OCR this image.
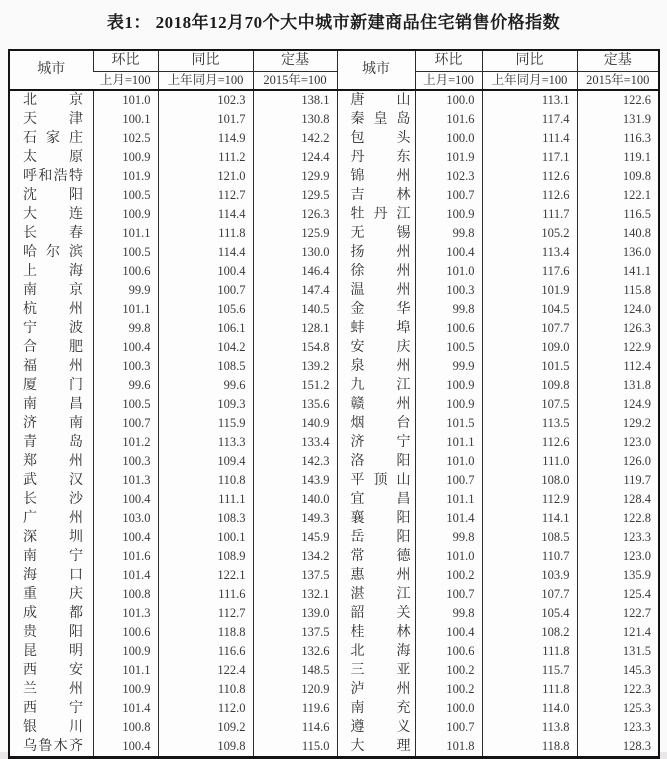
表1： 2018年12月70个大中城市新建商品住宅销售价格指数
城市	环比	同比	定基	城市	环比	同比	定基
	上月=100	上年同月=100	2015年=100		上月=100	上年同月=100	2015年=100

北 京	101.0	102.3	138.1	唐 山	100.0	113.1	122.6

天 津	100.1	101.7	130.8	秦 皇 岛	101.6	117.4	131.9

石 家 庄	102.5	114.9	142.2	包 头	100.0	111.4	116.3

太 原	100.9	111.2	124.4	丹 东	101.9	117.1	119.1

呼 和 浩 特	101.9	121.0	129.9	锦 州	102.3	112.6	109.8

沈 阳	100.5	112.7	129.5	吉 林	100.7	112.6	122.1

大 连	100.9	114.4	126.3	牡 丹 江	100.9	111.7	116.5

长 春	101.1	111.8	125.9	无 锡	99.8	105.2	140.8

哈 尔 滨	100.5	114.4	130.0	扬 州	100.4	113.4	136.0

上 海	100.6	100.4	146.4	徐 州	101.0	117.6	141.1

南 京	99.9	100.7	147.4	温 州	100.3	101.9	115.8

杭 州	101.1	105.6	140.5	金 华	99.8	104.5	124.0

宁 波	99.8	106.1	128.1	蚌 埠	100.6	107.7	126.3

合 肥	100.4	104.2	154.8	安 庆	100.5	109.0	122.9

福 州	100.3	108.5	139.2	泉 州	99.9	101.5	112.4

厦 门	99.6	99.6	151.2	九 江	100.9	109.8	131.8

南 昌	100.5	109.3	135.6	赣 州	100.9	107.5	124.9

济 南	100.7	115.9	140.9	烟 台	101.5	113.5	129.2

青 岛	101.2	113.3	133.4	济 宁	101.1	112.6	123.0

郑 州	100.3	109.4	142.3	洛 阳	101.0	111.0	126.0

武 汉	101.3	110.8	143.9	平 顶 山	100.7	108.0	119.7

长 沙	100.4	111.1	140.0	宜 昌	101.1	112.9	128.4

广 州	103.0	108.3	149.3	襄 阳	101.4	114.1	122.8

深 圳	100.4	100.1	145.9	岳 阳	99.8	108.5	123.3

南 宁	101.6	108.9	134.2	常 德	101.0	110.7	123.0

海 口	101.4	122.1	137.5	惠 州	100.2	103.9	135.9

重 庆	100.8	111.6	132.1	湛 江	100.7	107.7	125.4

成 都	101.3	112.7	139.0	韶 关	99.8	105.4	122.7

贵 阳	100.6	118.8	137.5	桂 林	100.4	108.2	121.4

昆 明	100.9	116.6	132.6	北 海	100.6	111.8	131.5

西 安	101.1	122.4	148.5	三 亚	100.2	115.7	145.3

兰 州	100.9	110.8	120.9	泸 州	100.2	111.8	122.3

西 宁	101.4	112.0	119.6	南 充	100.0	114.0	125.3

银 川	100.8	109.2	114.6	遵 义	100.7	113.8	123.3

乌 鲁 木 齐	100.4	109.8	115.0	大 理	101.8	118.8	128.3
